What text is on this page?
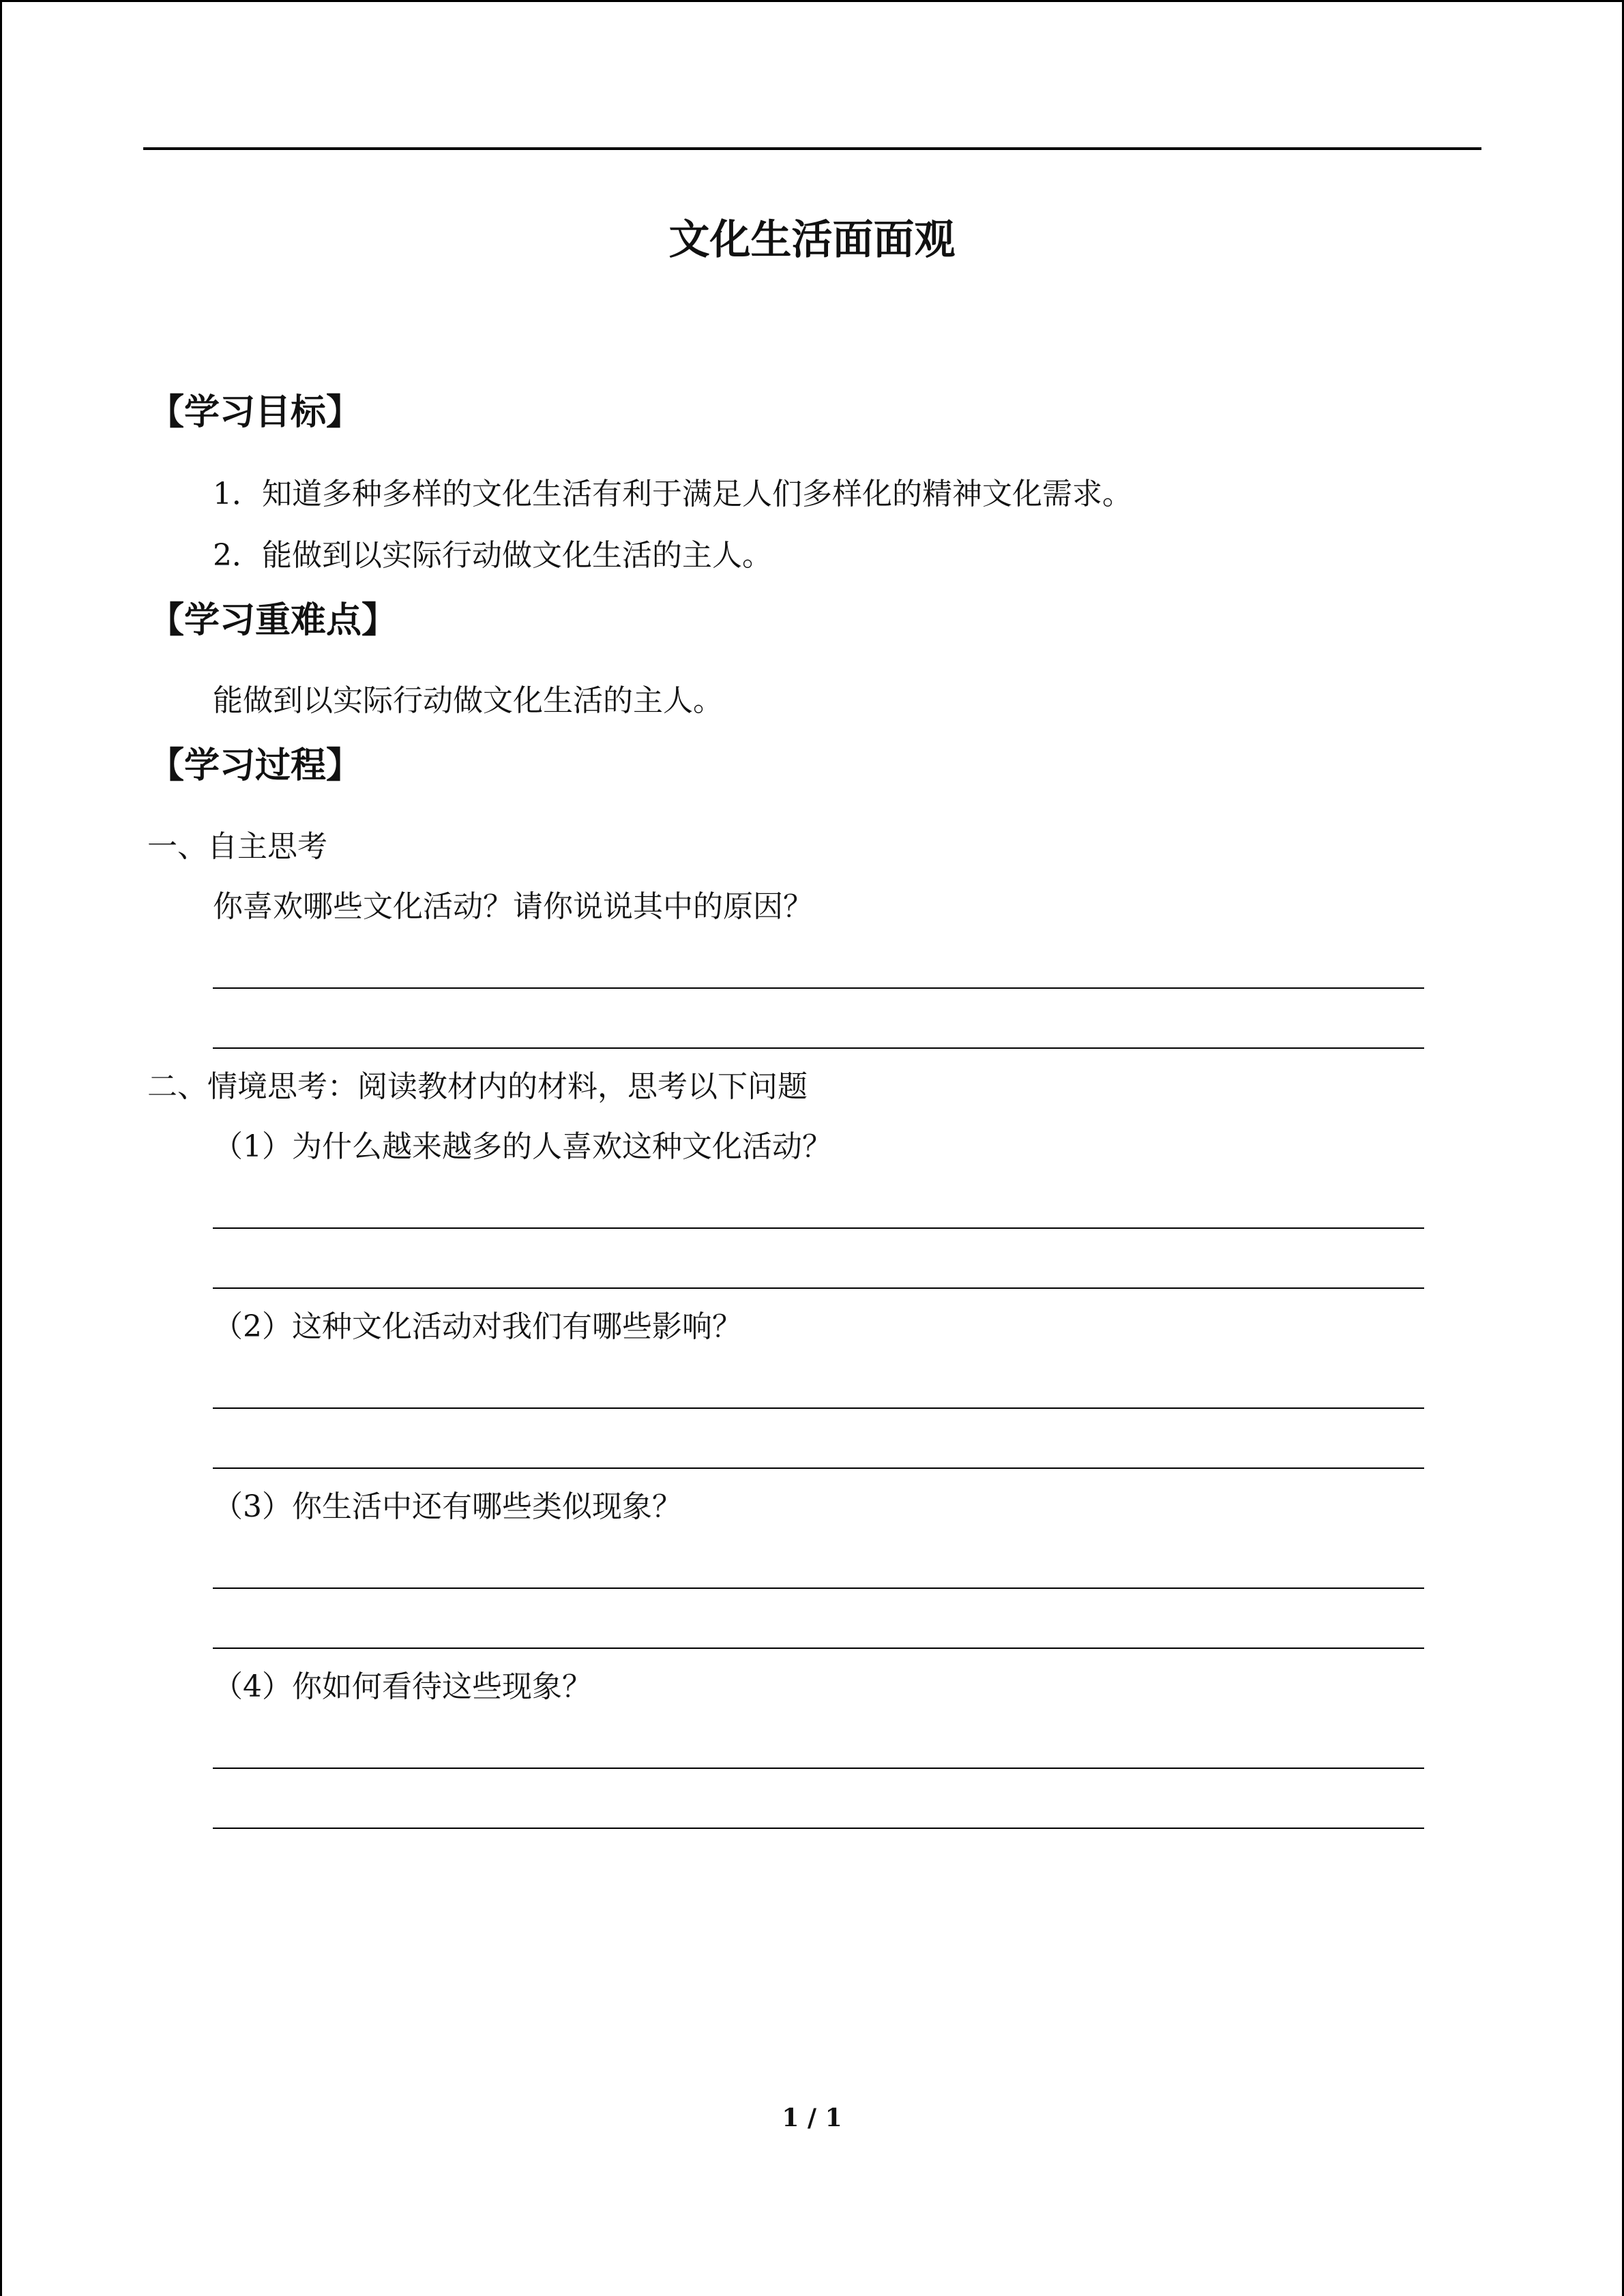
文化生活面面观
【学习目标】
1．知道多种多样的文化生活有利于满足人们多样化的精神文化需求。
2．能做到以实际行动做文化生活的主人。
【学习重难点】
能做到以实际行动做文化生活的主人。
【学习过程】
一、自主思考
你喜欢哪些文化活动？请你说说其中的原因？
二、情境思考：阅读教材内的材料，思考以下问题
（1）为什么越来越多的人喜欢这种文化活动？
（2）这种文化活动对我们有哪些影响？
（3）你生活中还有哪些类似现象？
（4）你如何看待这些现象？
1 / 1
